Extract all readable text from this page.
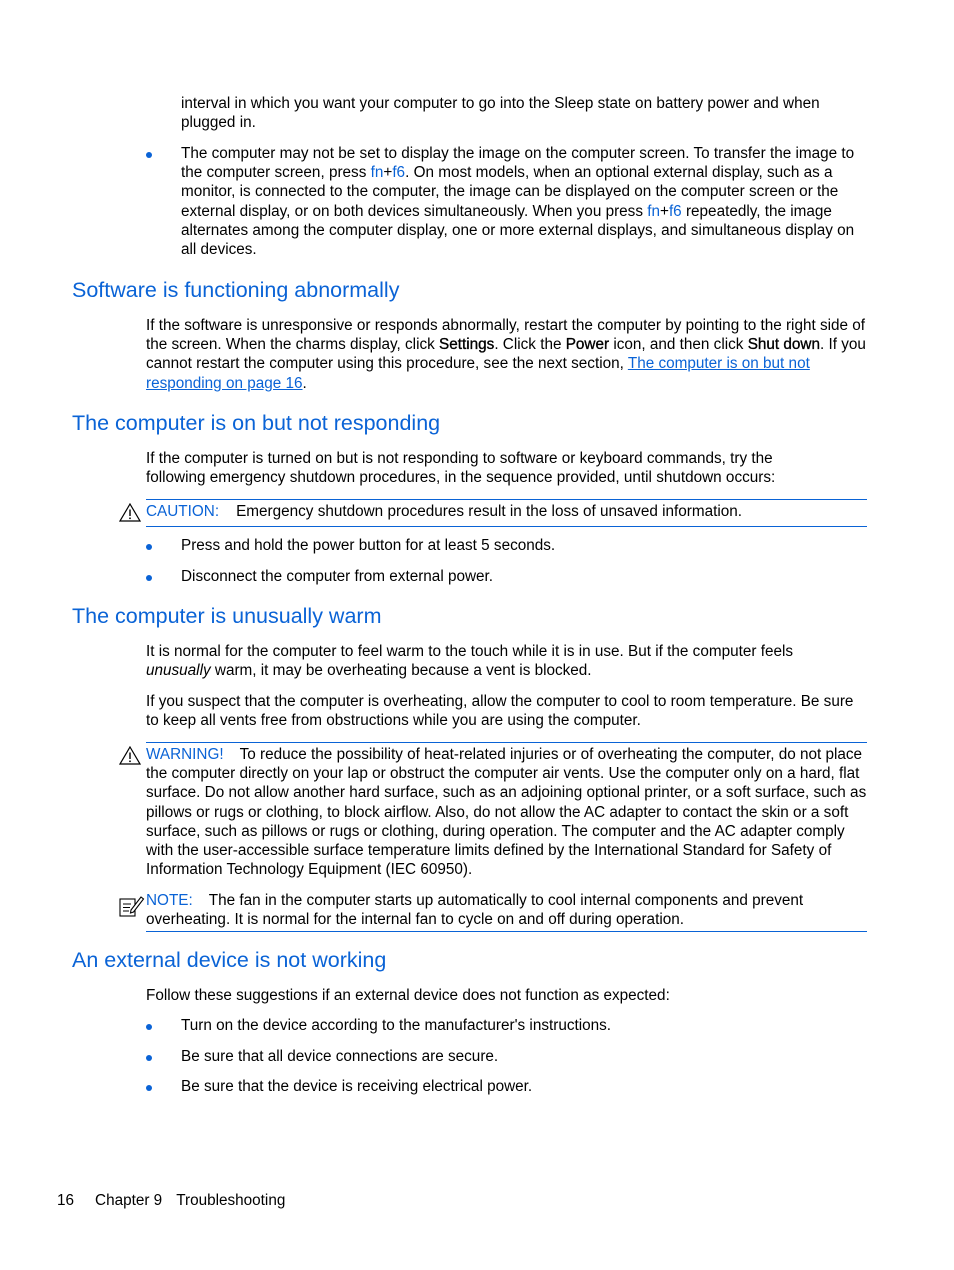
interval in which you want your computer to go into the Sleep state on battery power and when plugged in.

The computer may not be set to display the image on the computer screen. To transfer the image to the computer screen, press fn+f6. On most models, when an optional external display, such as a monitor, is connected to the computer, the image can be displayed on the computer screen or the external display, or on both devices simultaneously. When you press fn+f6 repeatedly, the image alternates among the computer display, one or more external displays, and simultaneous display on all devices.

Software is functioning abnormally

If the software is unresponsive or responds abnormally, restart the computer by pointing to the right side of the screen. When the charms display, click Settings. Click the Power icon, and then click Shut down. If you cannot restart the computer using this procedure, see the next section, The computer is on but not responding on page 16.

The computer is on but not responding

If the computer is turned on but is not responding to software or keyboard commands, try the following emergency shutdown procedures, in the sequence provided, until shutdown occurs:

CAUTION: Emergency shutdown procedures result in the loss of unsaved information.

Press and hold the power button for at least 5 seconds.

Disconnect the computer from external power.

The computer is unusually warm

It is normal for the computer to feel warm to the touch while it is in use. But if the computer feels unusually warm, it may be overheating because a vent is blocked.

If you suspect that the computer is overheating, allow the computer to cool to room temperature. Be sure to keep all vents free from obstructions while you are using the computer.

WARNING! To reduce the possibility of heat-related injuries or of overheating the computer, do not place the computer directly on your lap or obstruct the computer air vents. Use the computer only on a hard, flat surface. Do not allow another hard surface, such as an adjoining optional printer, or a soft surface, such as pillows or rugs or clothing, to block airflow. Also, do not allow the AC adapter to contact the skin or a soft surface, such as pillows or rugs or clothing, during operation. The computer and the AC adapter comply with the user-accessible surface temperature limits defined by the International Standard for Safety of Information Technology Equipment (IEC 60950).

NOTE: The fan in the computer starts up automatically to cool internal components and prevent overheating. It is normal for the internal fan to cycle on and off during operation.

An external device is not working

Follow these suggestions if an external device does not function as expected:

Turn on the device according to the manufacturer's instructions.

Be sure that all device connections are secure.

Be sure that the device is receiving electrical power.

16 Chapter 9 Troubleshooting
